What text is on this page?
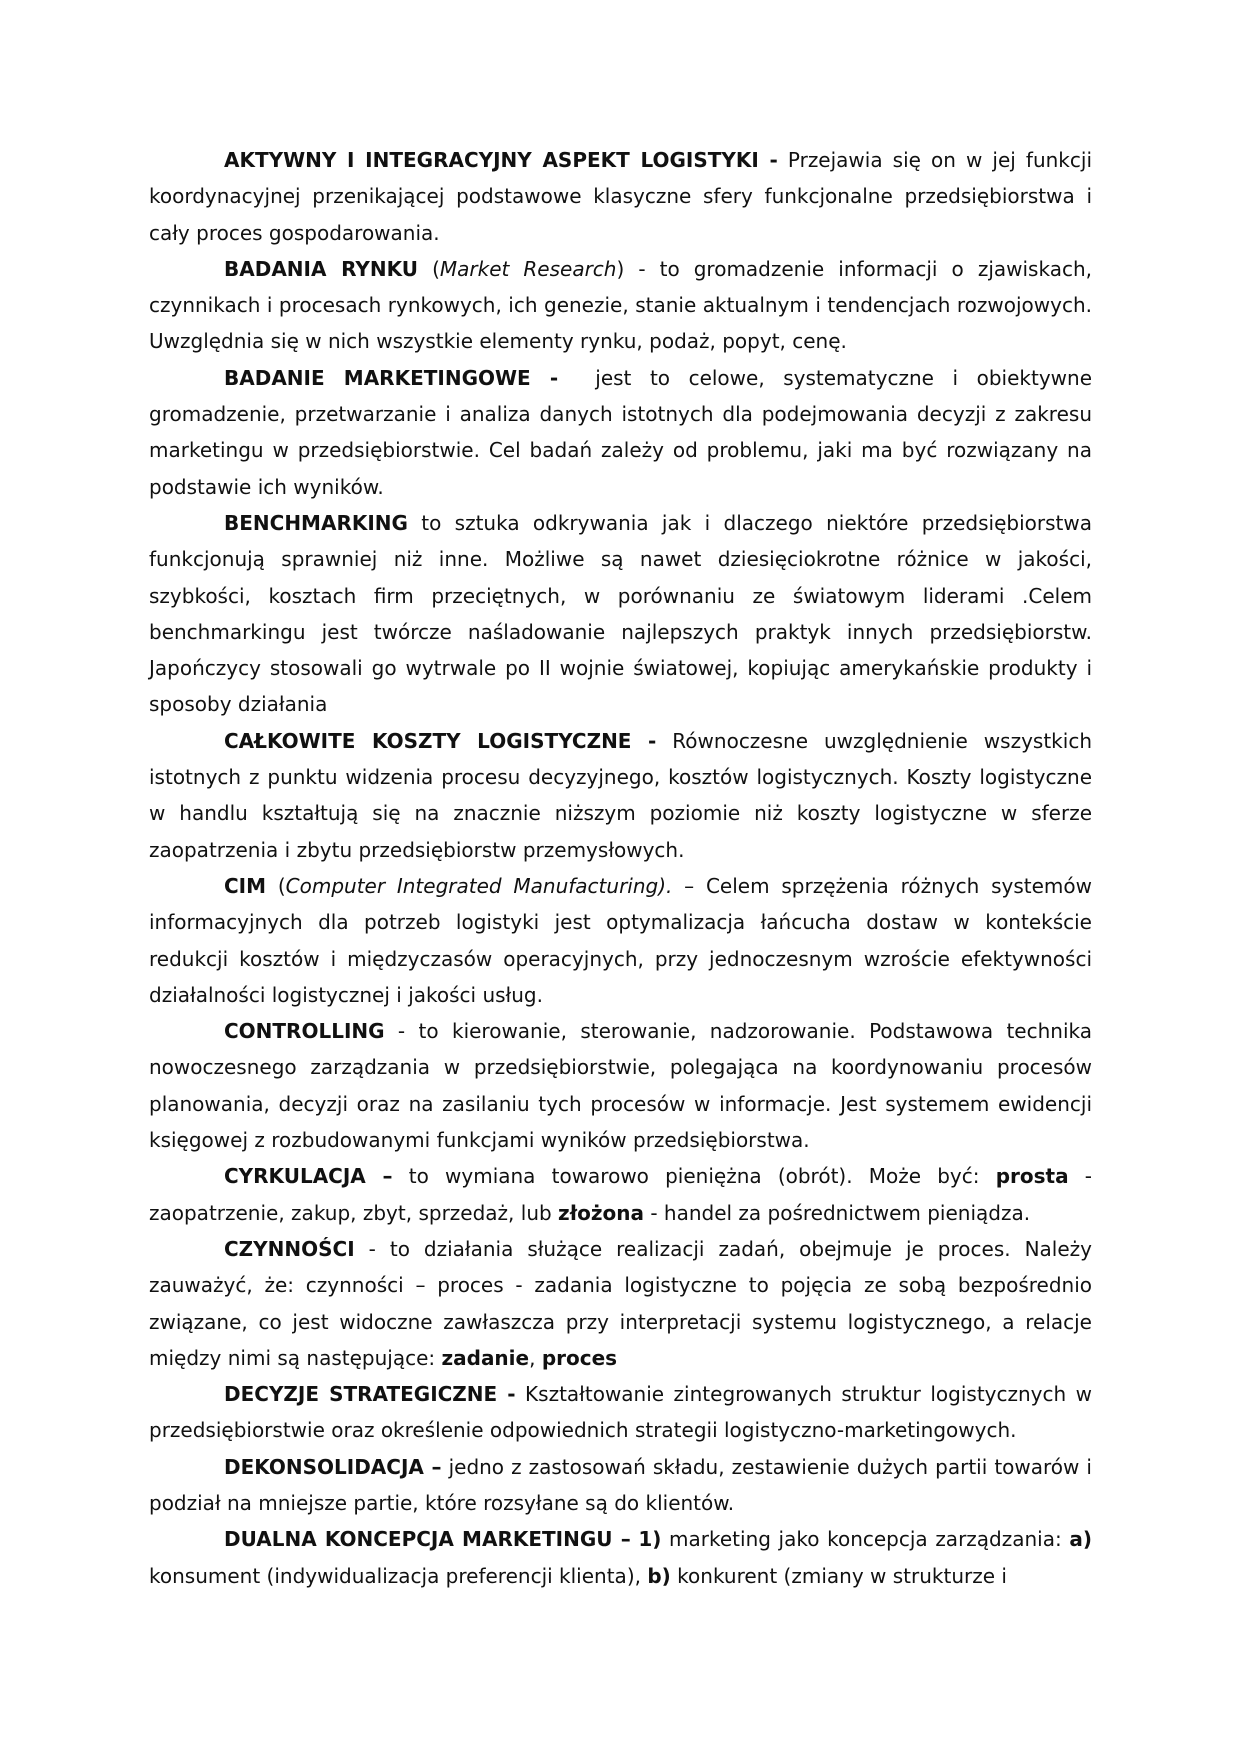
AKTYWNY I INTEGRACYJNY ASPEKT LOGISTYKI - Przejawia się on w jej funkcji koordynacyjnej przenikającej podstawowe klasyczne sfery funkcjonalne przedsiębiorstwa i cały proces gospodarowania.

BADANIA RYNKU (Market Research) - to gromadzenie informacji o zjawiskach, czynnikach i procesach rynkowych, ich genezie, stanie aktualnym i tendencjach rozwojowych. Uwzględnia się w nich wszystkie elementy rynku, podaż, popyt, cenę.

BADANIE MARKETINGOWE -  jest to celowe, systematyczne i obiektywne gromadzenie, przetwarzanie i analiza danych istotnych dla podejmowania decyzji z zakresu marketingu w przedsiębiorstwie. Cel badań zależy od problemu, jaki ma być rozwiązany na podstawie ich wyników.

BENCHMARKING to sztuka odkrywania jak i dlaczego niektóre przedsiębiorstwa funkcjonują sprawniej niż inne. Możliwe są nawet dziesięciokrotne różnice w jakości, szybkości, kosztach firm przeciętnych, w porównaniu ze światowym liderami .Celem benchmarkingu jest twórcze naśladowanie najlepszych praktyk innych przedsiębiorstw. Japończycy stosowali go wytrwale po II wojnie światowej, kopiując amerykańskie produkty i sposoby działania

CAŁKOWITE KOSZTY LOGISTYCZNE - Równoczesne uwzględnienie wszystkich istotnych z punktu widzenia procesu decyzyjnego, kosztów logistycznych. Koszty logistyczne w handlu kształtują się na znacznie niższym poziomie niż koszty logistyczne w sferze zaopatrzenia i zbytu przedsiębiorstw przemysłowych.

CIM (Computer Integrated Manufacturing). – Celem sprzężenia różnych systemów informacyjnych dla potrzeb logistyki jest optymalizacja łańcucha dostaw w kontekście redukcji kosztów i międzyczasów operacyjnych, przy jednoczesnym wzroście efektywności działalności logistycznej i jakości usług.

CONTROLLING - to kierowanie, sterowanie, nadzorowanie. Podstawowa technika nowoczesnego zarządzania w przedsiębiorstwie, polegająca na koordynowaniu procesów planowania, decyzji oraz na zasilaniu tych procesów w informacje. Jest systemem ewidencji księgowej z rozbudowanymi funkcjami wyników przedsiębiorstwa.

CYRKULACJA – to wymiana towarowo pieniężna (obrót). Może być: prosta - zaopatrzenie, zakup, zbyt, sprzedaż, lub złożona - handel za pośrednictwem pieniądza.

CZYNNOŚCI - to działania służące realizacji zadań, obejmuje je proces. Należy zauważyć, że: czynności – proces - zadania logistyczne to pojęcia ze sobą bezpośrednio związane, co jest widoczne zawłaszcza przy interpretacji systemu logistycznego, a relacje między nimi są następujące: zadanie, proces

DECYZJE STRATEGICZNE - Kształtowanie zintegrowanych struktur logistycznych w przedsiębiorstwie oraz określenie odpowiednich strategii logistyczno-marketingowych.

DEKONSOLIDACJA – jedno z zastosowań składu, zestawienie dużych partii towarów i podział na mniejsze partie, które rozsyłane są do klientów.

DUALNA KONCEPCJA MARKETINGU – 1) marketing jako koncepcja zarządzania: a) konsument (indywidualizacja preferencji klienta), b) konkurent (zmiany w strukturze i
